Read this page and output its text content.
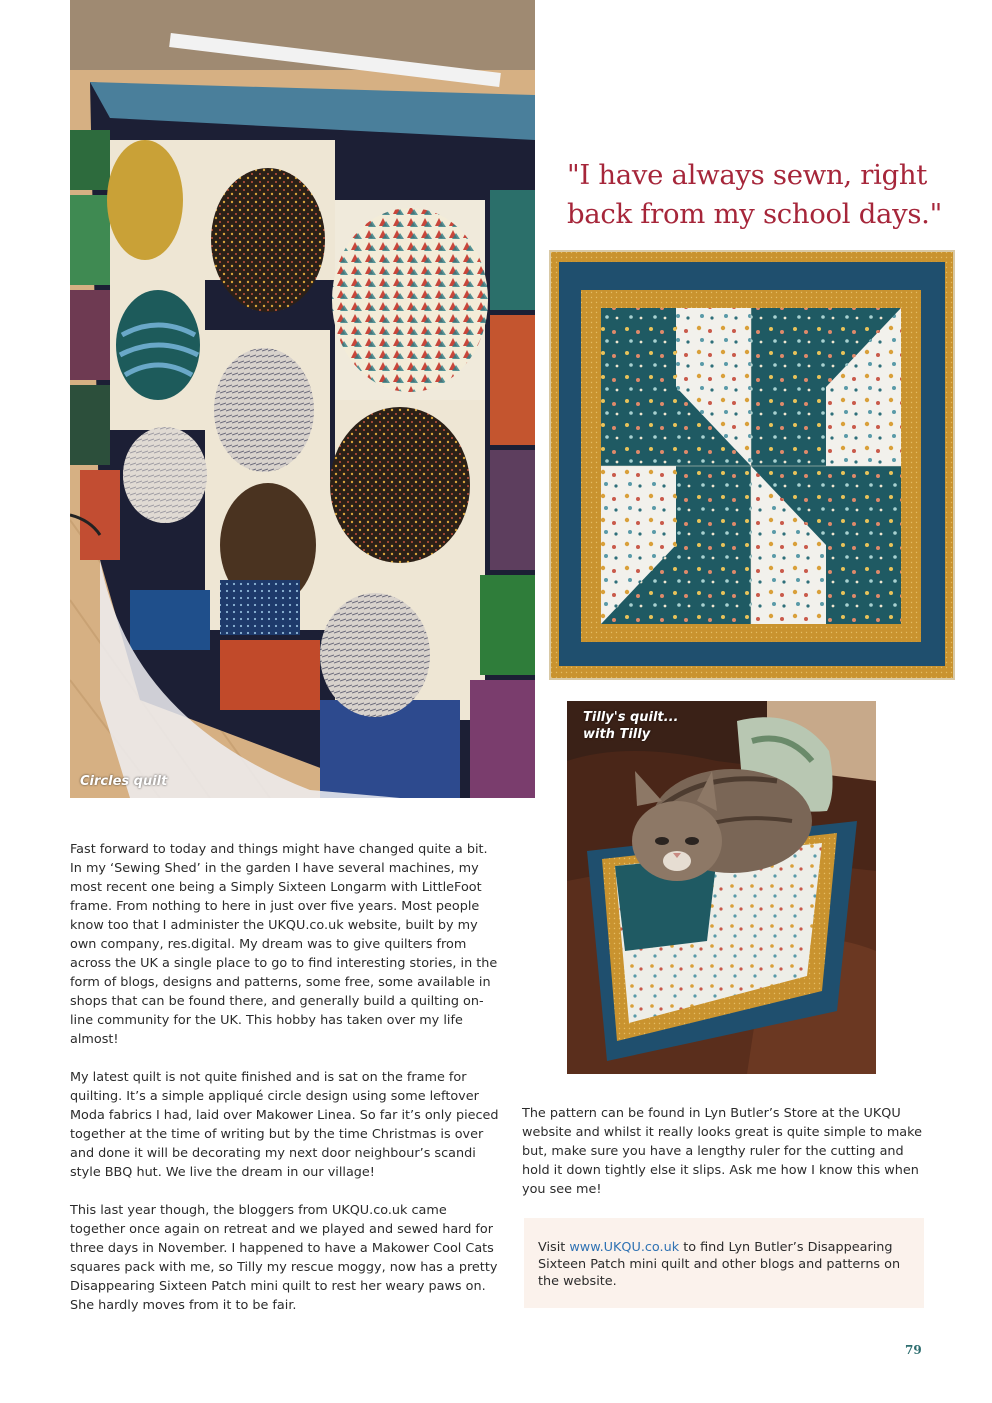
Circles quilt
"I have always sewn, right back from my school days."
Tilly's quilt...
with Tilly

Fast forward to today and things might have changed quite a bit. In my ‘Sewing Shed’ in the garden I have several machines, my most recent one being a Simply Sixteen Longarm with LittleFoot frame. From nothing to here in just over five years. Most people know too that I administer the UKQU.co.uk website, built by my own company, res.digital. My dream was to give quilters from across the UK a single place to go to find interesting stories, in the form of blogs, designs and patterns, some free, some available in shops that can be found there, and generally build a quilting on-line community for the UK. This hobby has taken over my life almost!

My latest quilt is not quite finished and is sat on the frame for quilting. It’s a simple appliqué circle design using some leftover Moda fabrics I had, laid over Makower Linea. So far it’s only pieced together at the time of writing but by the time Christmas is over and done it will be decorating my next door neighbour’s scandi style BBQ hut. We live the dream in our village!

This last year though, the bloggers from UKQU.co.uk came together once again on retreat and we played and sewed hard for three days in November. I happened to have a Makower Cool Cats squares pack with me, so Tilly my rescue moggy, now has a pretty Disappearing Sixteen Patch mini quilt to rest her weary paws on. She hardly moves from it to be fair.

The pattern can be found in Lyn Butler’s Store at the UKQU website and whilst it really looks great is quite simple to make but, make sure you have a lengthy ruler for the cutting and hold it down tightly else it slips. Ask me how I know this when you see me!

Visit www.UKQU.co.uk to find Lyn Butler’s Disappearing Sixteen Patch mini quilt and other blogs and patterns on the website.
79
